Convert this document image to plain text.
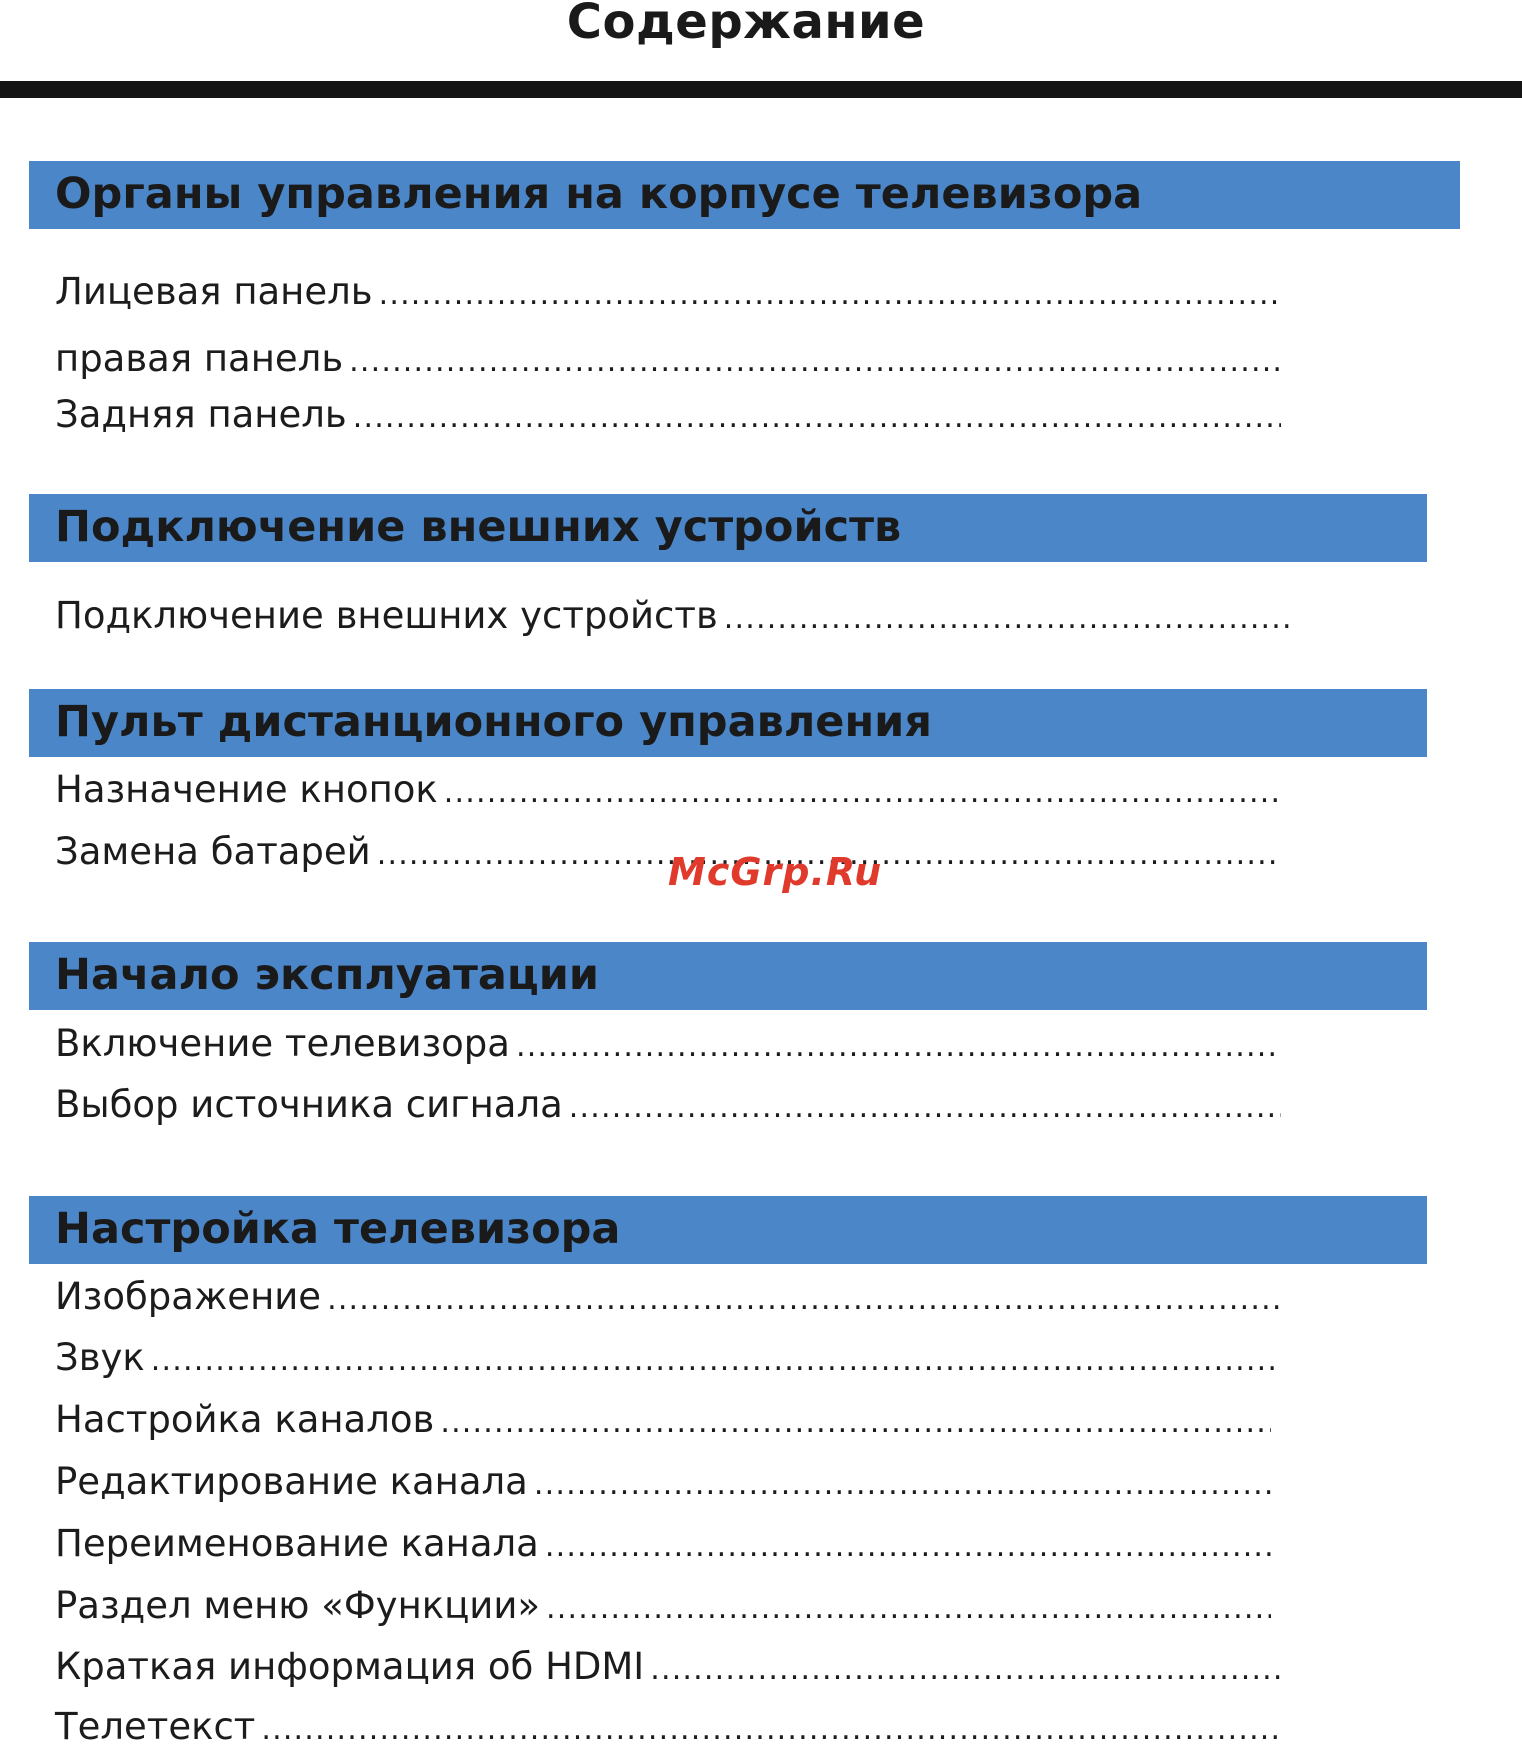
Содержание
Органы управления на корпусе телевизора
Лицевая панель
.....
правая панель
.....
Задняя панель
.....
Подключение внешних устройств
Подключение внешних устройств
.....
Пульт дистанционного управления
Назначение кнопок
.....
Замена батарей
.....
Начало эксплуатации
Включение телевизора
.....
Выбор источника сигнала
.....
Настройка телевизора
Изображение
.....
Звук
.....
Настройка каналов
.....
Редактирование канала
.....
Переименование канала
.....
Раздел меню «Функции»
.....
Краткая информация об HDMI
.....
Телетекст
.....
McGrp.Ru
